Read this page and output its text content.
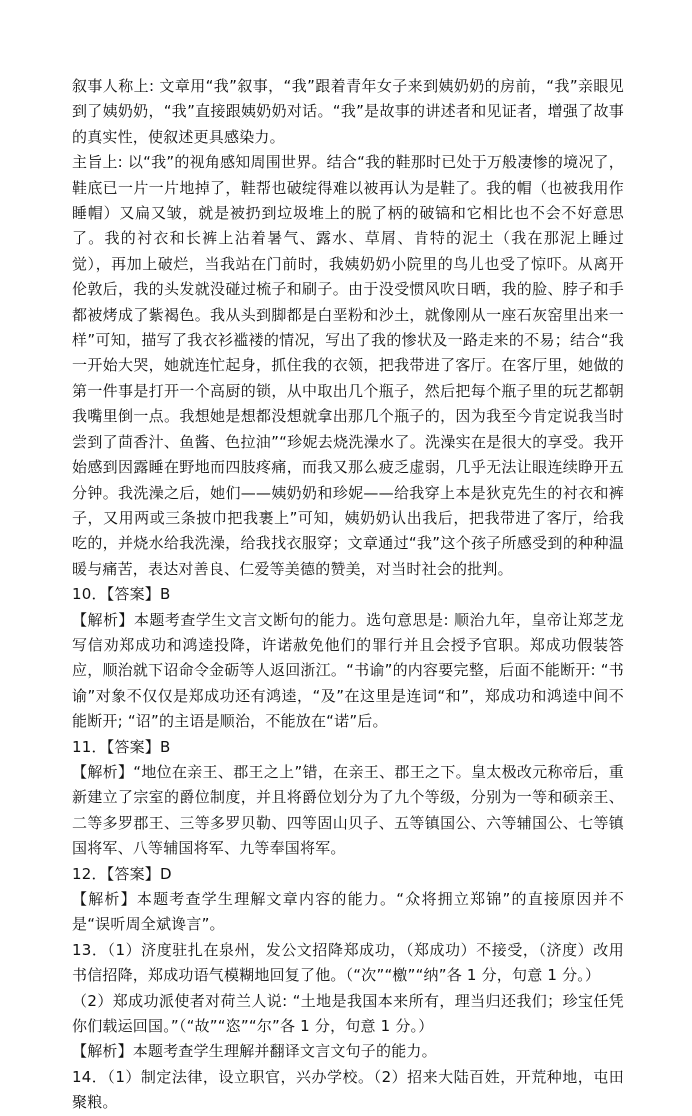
叙事人称上: 文章用“我”叙事，“我”跟着青年女子来到姨奶奶的房前，“我”亲眼见到了姨奶奶，“我”直接跟姨奶奶对话。“我”是故事的讲述者和见证者，增强了故事的真实性，使叙述更具感染力。

主旨上: 以“我”的视角感知周围世界。结合“我的鞋那时已处于万般凄惨的境况了，鞋底已一片一片地掉了，鞋帮也破绽得难以被再认为是鞋了。我的帽（也被我用作睡帽）又扁又皱，就是被扔到垃圾堆上的脱了柄的破镐和它相比也不会不好意思了。我的衬衣和长裤上沾着暑气、露水、草屑、肯特的泥土（我在那泥上睡过觉），再加上破烂，当我站在门前时，我姨奶奶小院里的鸟儿也受了惊吓。从离开伦敦后，我的头发就没碰过梳子和刷子。由于没受惯风吹日晒，我的脸、脖子和手都被烤成了紫褐色。我从头到脚都是白垩粉和沙土，就像刚从一座石灰窑里出来一样”可知，描写了我衣衫褴褛的情况，写出了我的惨状及一路走来的不易；结合“我一开始大哭，她就连忙起身，抓住我的衣领，把我带进了客厅。在客厅里，她做的第一件事是打开一个高厨的锁，从中取出几个瓶子，然后把每个瓶子里的玩艺都朝我嘴里倒一点。我想她是想都没想就拿出那几个瓶子的，因为我至今肯定说我当时尝到了茴香汁、鱼酱、色拉油”“珍妮去烧洗澡水了。洗澡实在是很大的享受。我开始感到因露睡在野地而四肢疼痛，而我又那么疲乏虚弱，几乎无法让眼连续睁开五分钟。我洗澡之后，她们——姨奶奶和珍妮——给我穿上本是狄克先生的衬衣和裤子，又用两或三条披巾把我裹上”可知，姨奶奶认出我后，把我带进了客厅，给我吃的，并烧水给我洗澡，给我找衣服穿；文章通过“我”这个孩子所感受到的种种温暖与痛苦，表达对善良、仁爱等美德的赞美，对当时社会的批判。

10．【答案】B

【解析】本题考查学生文言文断句的能力。选句意思是: 顺治九年，皇帝让郑芝龙写信劝郑成功和鸿逵投降，许诺赦免他们的罪行并且会授予官职。郑成功假装答应，顺治就下诏命令金砺等人返回浙江。“书谕”的内容要完整，后面不能断开: “书谕”对象不仅仅是郑成功还有鸿逵，“及”在这里是连词“和”，郑成功和鸿逵中间不能断开; “诏”的主语是顺治，不能放在“诺”后。

11．【答案】B

【解析】“地位在亲王、郡王之上”错，在亲王、郡王之下。皇太极改元称帝后，重新建立了宗室的爵位制度，并且将爵位划分为了九个等级，分别为一等和硕亲王、二等多罗郡王、三等多罗贝勒、四等固山贝子、五等镇国公、六等辅国公、七等镇国将军、八等辅国将军、九等奉国将军。

12．【答案】D

【解析】本题考查学生理解文章内容的能力。“众将拥立郑锦”的直接原因并不是“误听周全斌谗言”。

13．（1）济度驻扎在泉州，发公文招降郑成功，（郑成功）不接受，（济度）改用书信招降，郑成功语气模糊地回复了他。（“次”“檄”“纳”各 1 分，句意 1 分。）

（2）郑成功派使者对荷兰人说: “土地是我国本来所有，理当归还我们；珍宝任凭你们载运回国。”（“故”“恣”“尔”各 1 分，句意 1 分。）

【解析】本题考查学生理解并翻译文言文句子的能力。

14．（1）制定法律，设立职官，兴办学校。（2）招来大陆百姓，开荒种地，屯田聚粮。
